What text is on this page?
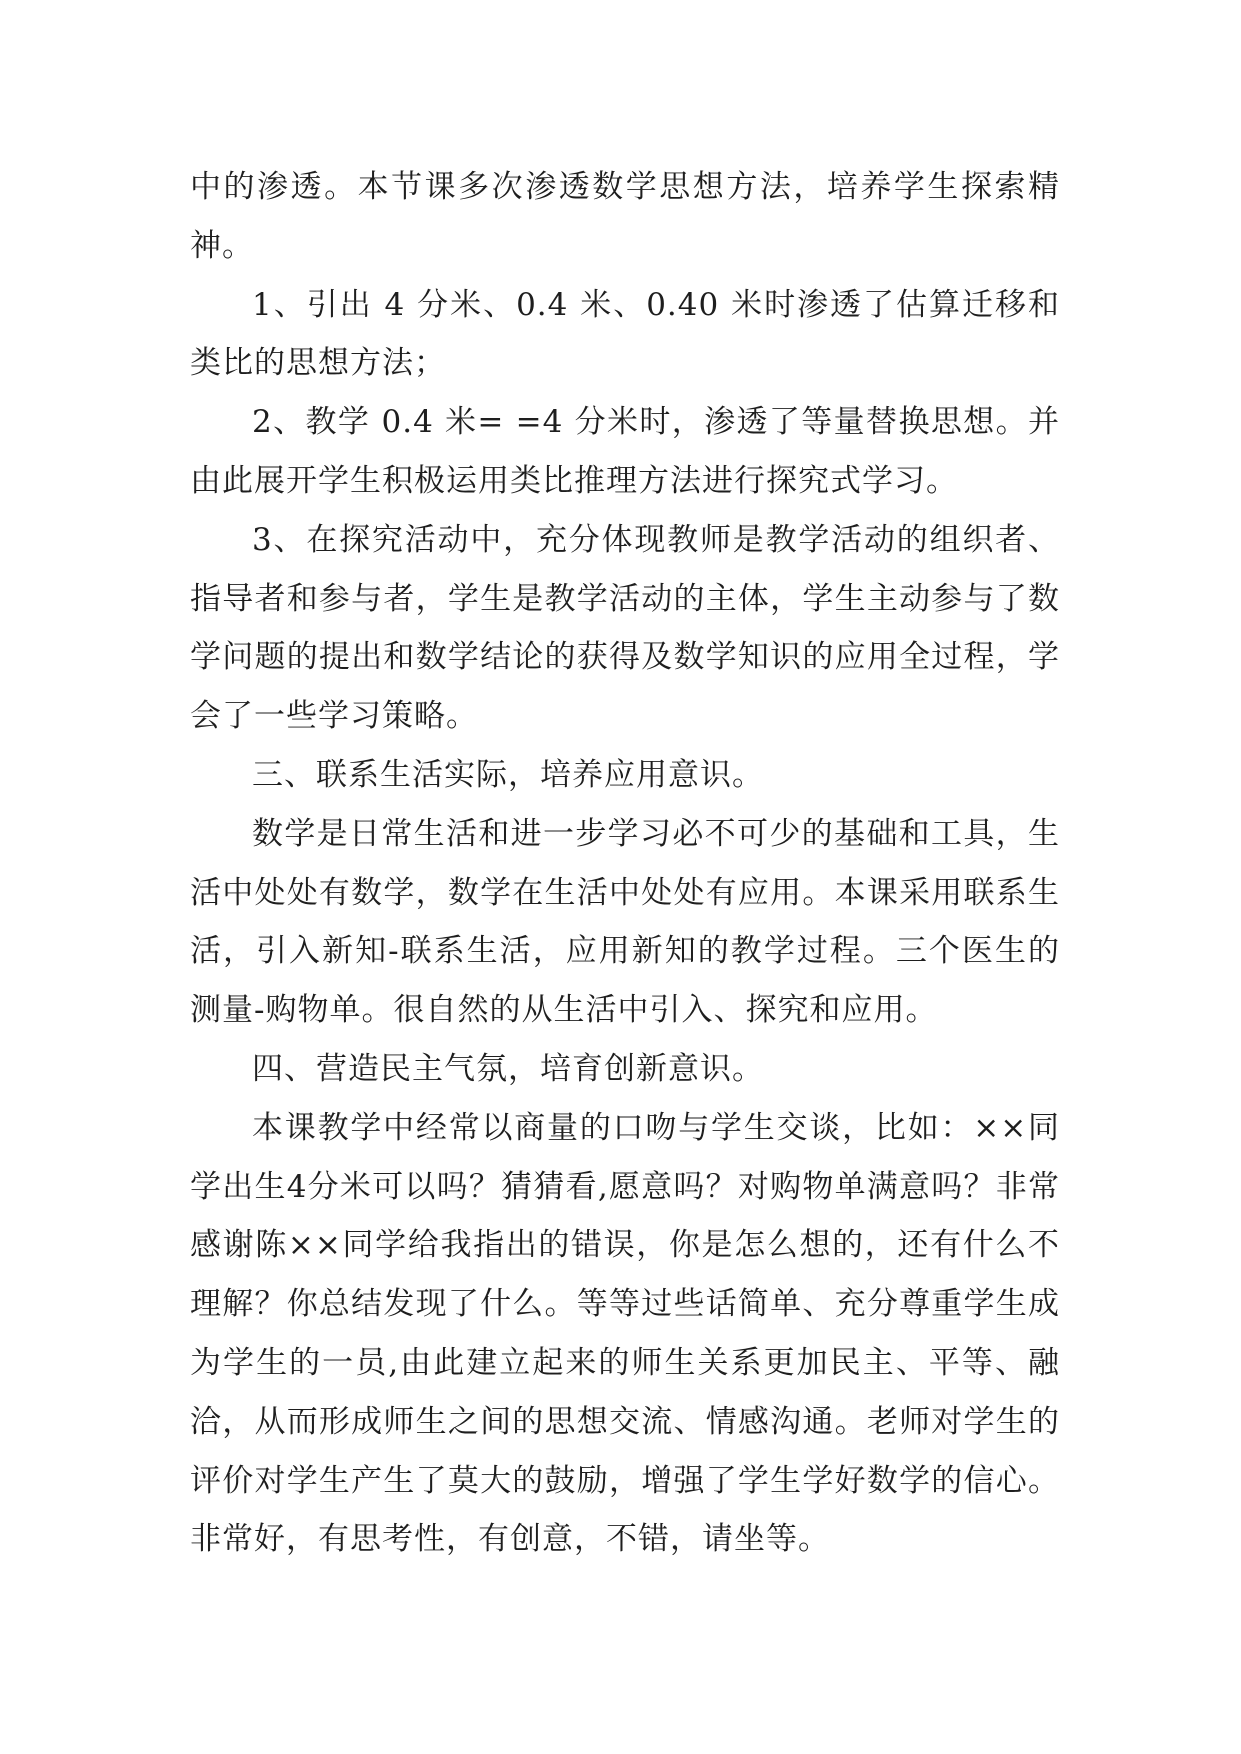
中的渗透。本节课多次渗透数学思想方法，培养学生探索精神。

1、引出 4 分米、0.4 米、0.40 米时渗透了估算迁移和类比的思想方法；

2、教学 0.4 米= =4 分米时，渗透了等量替换思想。并由此展开学生积极运用类比推理方法进行探究式学习。

3、在探究活动中，充分体现教师是教学活动的组织者、指导者和参与者，学生是教学活动的主体，学生主动参与了数学问题的提出和数学结论的获得及数学知识的应用全过程，学会了一些学习策略。

三、联系生活实际，培养应用意识。

数学是日常生活和进一步学习必不可少的基础和工具，生活中处处有数学，数学在生活中处处有应用。本课采用联系生活，引入新知-联系生活，应用新知的教学过程。三个医生的测量-购物单。很自然的从生活中引入、探究和应用。

四、营造民主气氛，培育创新意识。

本课教学中经常以商量的口吻与学生交谈，比如：××同学出生4分米可以吗？猜猜看,愿意吗？对购物单满意吗？非常感谢陈××同学给我指出的错误，你是怎么想的，还有什么不理解？你总结发现了什么。等等过些话简单、充分尊重学生成为学生的一员,由此建立起来的师生关系更加民主、平等、融洽，从而形成师生之间的思想交流、情感沟通。老师对学生的评价对学生产生了莫大的鼓励，增强了学生学好数学的信心。非常好，有思考性，有创意，不错，请坐等。
